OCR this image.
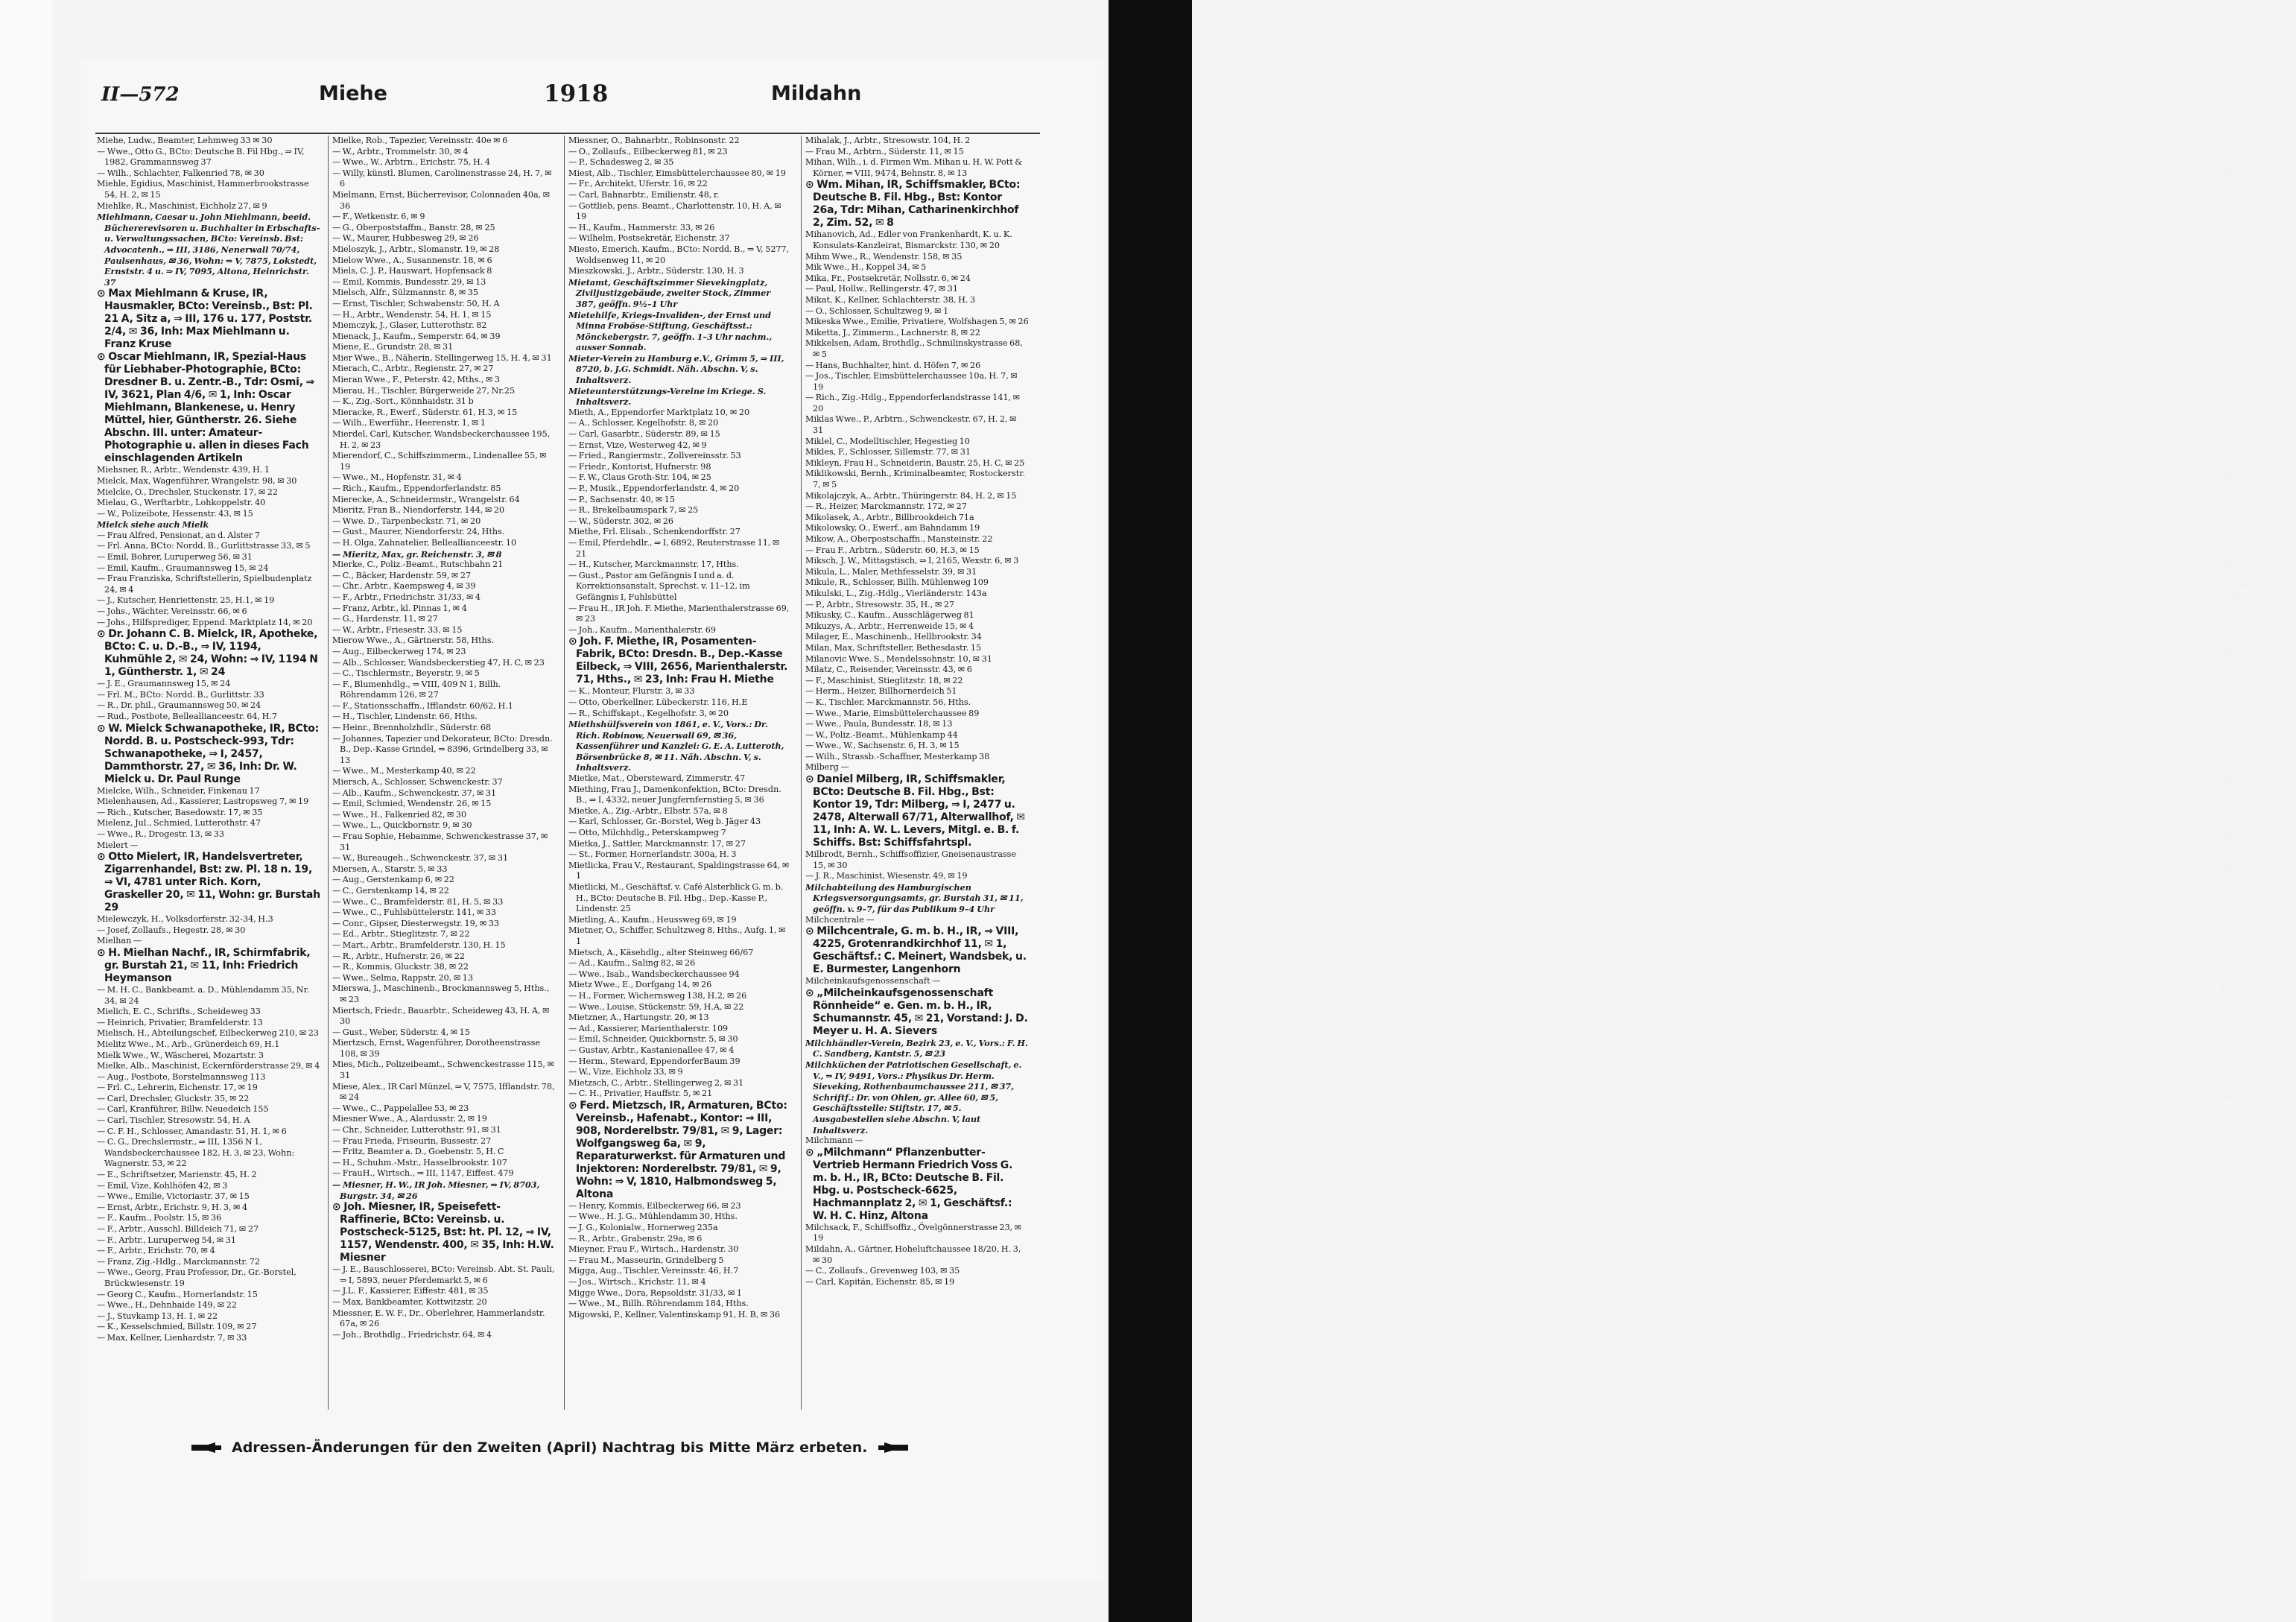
Mildah
— R.,
Milde,C
⊙ C.
BC
Tdr
be
— Em
— Wi
— F.
— Fr.
— G.
— Gu
— Gu
— G.
— Ww
— Ww
— Wi
— Wi
— Ww
— Sc
— Wi
— Ww
⊙ Mi
sie
Milde
Milde
sie
Milde
Milden
Mildner
— F.
— Gu
— Th.
— Th.
— Ww
Mildt
Milefs
Milenz
Miles,
Milews
— H.
— Jo.
— Ww
— Ww
— Ww
Milhan
Milhert
Milich
— Wv
— Ww
— Ww
— Ww
Miljes
— Gü
— Ww
— Ww
Milinsk
Milito
Milito
— Ur
Rat
453
Milit
Ers
VO
Ab
Milit
18
N
Ab
Milit
vo
U
Sch
Milit
ch
K
Hd
19
Bra
Milito
Ju
Ar
bu
Ver
Milit
Rat
Sen
Näh
II—572	Miehe	1918	Mildahn

Miehe, Ludw., Beamter, Lehmweg 33 ✉ 30

— Wwe., Otto G., BCto: Deutsche B. Fil Hbg., ⇒ IV, 1982, Grammannsweg 37

— Wilh., Schlachter, Falkenried 78, ✉ 30

Miehle, Egidius, Maschinist, Hammerbrookstrasse 54, H. 2, ✉ 15

Miehlke, R., Maschinist, Eichholz 27, ✉ 9

Miehlmann, Caesar u. John Miehlmann, beeid. Büchererevisoren u. Buchhalter in Erbschafts- u. Verwaltungssachen, BCto: Vereinsb. Bst: Advocatenh., ⇒ III, 3186, Nenerwall 70/74, Paulsenhaus, ✉ 36, Wohn: ⇒ V, 7875, Lokstedt, Ernststr. 4 u. ⇒ IV, 7095, Altona, Heinrichstr. 37

⊙ Max Miehlmann & Kruse, IR, Hausmakler, BCto: Vereinsb., Bst: Pl. 21 A, Sitz a, ⇒ III, 176 u. 177, Poststr. 2/4, ✉ 36, Inh: Max Miehlmann u. Franz Kruse

⊙ Oscar Miehlmann, IR, Spezial-Haus für Liebhaber-Photographie, BCto: Dresdner B. u. Zentr.-B., Tdr: Osmi, ⇒ IV, 3621, Plan 4/6, ✉ 1, Inh: Oscar Miehlmann, Blankenese, u. Henry Müttel, hier, Güntherstr. 26. Siehe Abschn. III. unter: Amateur-Photographie u. allen in dieses Fach einschlagenden Artikeln

Miehsner, R., Arbtr., Wendenstr. 439, H. 1

Mielck, Max, Wagenführer, Wrangelstr. 98, ✉ 30

Mielcke, O., Drechsler, Stuckenstr. 17, ✉ 22

Mielau, G., Werftarbtr., Lohkoppelstr. 40

— W., Polizeibote, Hessenstr. 43, ✉ 15

Mielck siehe auch Mielk

— Frau Alfred, Pensionat, an d. Alster 7

— Frl. Anna, BCto: Nordd. B., Gurlittstrasse 33, ✉ 5

— Emil, Bohrer, Luruperweg 56, ✉ 31

— Emil, Kaufm., Graumannsweg 15, ✉ 24

— Frau Franziska, Schriftstellerin, Spielbudenplatz 24, ✉ 4

— J., Kutscher, Henriettenstr. 25, H.1, ✉ 19

— Johs., Wächter, Vereinsstr. 66, ✉ 6

— Johs., Hilfsprediger, Eppend. Marktplatz 14, ✉ 20

⊙ Dr. Johann C. B. Mielck, IR, Apotheke, BCto: C. u. D.-B., ⇒ IV, 1194, Kuhmühle 2, ✉ 24, Wohn: ⇒ IV, 1194 N 1, Güntherstr. 1, ✉ 24

— J. E., Graumannsweg 15, ✉ 24

— Frl. M., BCto: Nordd. B., Gurlittstr. 33

— R., Dr. phil., Graumannsweg 50, ✉ 24

— Rud., Postbote, Belleallianceestr. 64, H.7

⊙ W. Mielck Schwanapotheke, IR, BCto: Nordd. B. u. Postscheck-993, Tdr: Schwanapotheke, ⇒ I, 2457, Dammthorstr. 27, ✉ 36, Inh: Dr. W. Mielck u. Dr. Paul Runge

Mielcke, Wilh., Schneider, Finkenau 17

Mielenhausen, Ad., Kassierer, Lastropsweg 7, ✉ 19

— Rich., Kutscher, Basedowstr. 17, ✉ 35

Mielenz, Jul., Schmied, Lutterothstr. 47

— Wwe., R., Drogestr. 13, ✉ 33

Mielert —

⊙ Otto Mielert, IR, Handelsvertreter, Zigarrenhandel, Bst: zw. Pl. 18 n. 19, ⇒ VI, 4781 unter Rich. Korn, Graskeller 20, ✉ 11, Wohn: gr. Burstah 29

Mielewczyk, H., Volksdorferstr. 32-34, H.3

— Josef, Zollaufs., Hegestr. 28, ✉ 30

Mielhan —

⊙ H. Mielhan Nachf., IR, Schirmfabrik, gr. Burstah 21, ✉ 11, Inh: Friedrich Heymanson

— M. H. C., Bankbeamt. a. D., Mühlendamm 35, Nr. 34, ✉ 24

Mielich, E. C., Schrifts., Scheideweg 33

— Heinrich, Privatier, Bramfelderstr. 13

Mielisch, H., Abteilungschef, Eilbeckerweg 210, ✉ 23

Mielitz Wwe., M., Arb., Grünerdeich 69, H.1

Mielk Wwe., W., Wäscherei, Mozartstr. 3

Mielke, Alb., Maschinist, Eckernförderstrasse 29, ✉ 4

— Aug., Postbote, Borstelmannsweg 113

— Frl. C., Lehrerin, Eichenstr. 17, ✉ 19

— Carl, Drechsler, Gluckstr. 35, ✉ 22

— Carl, Kranführer, Billw. Neuedeich 155

— Carl, Tischler, Stresowstr. 54, H. A

— C. F. H., Schlosser, Amandastr. 51, H. 1, ✉ 6

— C. G., Drechslermstr., ⇒ III, 1356 N 1, Wandsbeckerchaussee 182, H. 3, ✉ 23, Wohn: Wagnerstr. 53, ✉ 22

— E., Schriftsetzer, Marienstr. 45, H. 2

— Emil, Vize, Kohlhöfen 42, ✉ 3

— Wwe., Emilie, Victoriastr. 37, ✉ 15

— Ernst, Arbtr., Erichstr. 9, H. 3, ✉ 4

— F., Kaufm., Poolstr. 15, ✉ 36

— F., Arbtr., Ausschl. Billdeich 71, ✉ 27

— F., Arbtr., Luruperweg 54, ✉ 31

— F., Arbtr., Erichstr. 70, ✉ 4

— Franz, Zig.-Hdlg., Marckmannstr. 72

— Wwe., Georg, Frau Professor, Dr., Gr.-Borstel, Brückwiesenstr. 19

— Georg C., Kaufm., Hornerlandstr. 15

— Wwe., H., Dehnhaide 149, ✉ 22

— J., Stuvkamp 13, H. 1, ✉ 22

— K., Kesselschmied, Billstr. 109, ✉ 27

— Max, Kellner, Lienhardstr. 7, ✉ 33

Mielke, Rob., Tapezier, Vereinsstr. 40e ✉ 6

— W., Arbtr., Trommelstr. 30, ✉ 4

— Wwe., W., Arbtrn., Erichstr. 75, H. 4

— Willy, künstl. Blumen, Carolinenstrasse 24, H. 7, ✉ 6

Mielmann, Ernst, Bücherrevisor, Colonnaden 40a, ✉ 36

— F., Wetkenstr. 6, ✉ 9

— G., Oberpoststaffm., Banstr. 28, ✉ 25

— W., Maurer, Hubbesweg 29, ✉ 26

Mieloszyk, J., Arbtr., Slomanstr. 19, ✉ 28

Mielow Wwe., A., Susannenstr. 18, ✉ 6

Miels, C. J. P., Hauswart, Hopfensack 8

— Emil, Kommis, Bundesstr. 29, ✉ 13

Mielsch, Alfr., Sülzmannstr. 8, ✉ 35

— Ernst, Tischler, Schwabenstr. 50, H. A

— H., Arbtr., Wendenstr. 54, H. 1, ✉ 15

Miemczyk, J., Glaser, Lutterothstr. 82

Mienack, J., Kaufm., Semperstr. 64, ✉ 39

Miene, E., Grundstr. 28, ✉ 31

Mier Wwe., B., Näherin, Stellingerweg 15, H. 4, ✉ 31

Mierach, C., Arbtr., Regienstr. 27, ✉ 27

Mieran Wwe., F., Peterstr. 42, Mths., ✉ 3

Mierau, H., Tischler, Bürgerweide 27, Nr.25

— K., Zig.-Sort., Könnhaidstr. 31 b

Mieracke, R., Ewerf., Süderstr. 61, H.3, ✉ 15

— Wilh., Ewerführ., Heerenstr. 1, ✉ 1

Mierdel, Carl, Kutscher, Wandsbeckerchaussee 195, H. 2, ✉ 23

Mierendorf, C., Schiffszimmerm., Lindenallee 55, ✉ 19

— Wwe., M., Hopfenstr. 31, ✉ 4

— Rich., Kaufm., Eppendorferlandstr. 85

Mierecke, A., Schneidermstr., Wrangelstr. 64

Mieritz, Fran B., Niendorferstr. 144, ✉ 20

— Wwe. D., Tarpenbeckstr. 71, ✉ 20

— Gust., Maurer, Niendorferstr. 24, Hths.

— H. Olga, Zahnatelier, Belleallianceestr. 10

— Mieritz, Max, gr. Reichenstr. 3, ✉ 8

Mierke, C., Poliz.-Beamt., Rutschbahn 21

— C., Bäcker, Hardenstr. 59, ✉ 27

— Chr., Arbtr., Kaempsweg 4, ✉ 39

— F., Arbtr., Friedrichstr. 31/33, ✉ 4

— Franz, Arbtr., kl. Pinnas 1, ✉ 4

— G., Hardenstr. 11, ✉ 27

— W., Arbtr., Friesestr. 33, ✉ 15

Mierow Wwe., A., Gärtnerstr. 58, Hths.

— Aug., Eilbeckerweg 174, ✉ 23

— Alb., Schlosser, Wandsbeckerstieg 47, H. C, ✉ 23

— C., Tischlermstr., Beyerstr. 9, ✉ 5

— F., Blumenhdlg., ⇒ VIII, 409 N 1, Billh. Röhrendamm 126, ✉ 27

— F., Stationsschaffn., Ifflandstr. 60/62, H.1

— H., Tischler, Lindenstr. 66, Hths.

— Heinr., Brennholzhdlr., Süderstr. 68

— Johannes, Tapezier und Dekorateur, BCto: Dresdn. B., Dep.-Kasse Grindel, ⇒ 8396, Grindelberg 33, ✉ 13

— Wwe., M., Mesterkamp 40, ✉ 22

Miersch, A., Schlosser, Schwenckestr. 37

— Alb., Kaufm., Schwenckestr. 37, ✉ 31

— Emil, Schmied, Wendenstr. 26, ✉ 15

— Wwe., H., Falkenried 82, ✉ 30

— Wwe., L., Quickbornstr. 9, ✉ 30

— Frau Sophie, Hebamme, Schwenckestrasse 37, ✉ 31

— W., Bureaugeh., Schwenckestr. 37, ✉ 31

Miersen, A., Starstr. 5, ✉ 33

— Aug., Gerstenkamp 6, ✉ 22

— C., Gerstenkamp 14, ✉ 22

— Wwe., C., Bramfelderstr. 81, H. 5, ✉ 33

— Wwe., C., Fuhlsbüttelerstr. 141, ✉ 33

— Conr., Gipser, Diesterwegstr. 19, ✉ 33

— Ed., Arbtr., Stieglitzstr. 7, ✉ 22

— Mart., Arbtr., Bramfelderstr. 130, H. 15

— R., Arbtr., Hufnerstr. 26, ✉ 22

— R., Kommis, Gluckstr. 38, ✉ 22

— Wwe., Selma, Rappstr. 20, ✉ 13

Mierswa, J., Maschinenb., Brockmannsweg 5, Hths., ✉ 23

Miertsch, Friedr., Bauarbtr., Scheideweg 43, H. A, ✉ 30

— Gust., Weber, Süderstr. 4, ✉ 15

Miertzsch, Ernst, Wagenführer, Dorotheenstrasse 108, ✉ 39

Mies, Mich., Polizeibeamt., Schwenckestrasse 115, ✉ 31

Miese, Alex., IR Carl Münzel, ⇒ V, 7575, Ifflandstr. 78, ✉ 24

— Wwe., C., Pappelallee 53, ✉ 23

Miesner Wwe., A., Alardusstr. 2, ✉ 19

— Chr., Schneider, Lutterothstr. 91, ✉ 31

— Frau Frieda, Friseurin, Bussestr. 27

— Fritz, Beamter a. D., Goebenstr. 5, H. C

— H., Schuhm.-Mstr., Hasselbrookstr. 107

— FrauH., Wirtsch., ⇒ III, 1147, Eiffest. 479

— Miesner, H. W., IR Joh. Miesner, ⇒ IV, 8703, Burgstr. 34, ✉ 26

⊙ Joh. Miesner, IR, Speisefett-Raffinerie, BCto: Vereinsb. u. Postscheck-5125, Bst: ht. Pl. 12, ⇒ IV, 1157, Wendenstr. 400, ✉ 35, Inh: H.W. Miesner

— J. E., Bauschlosserei, BCto: Vereinsb. Abt. St. Pauli, ⇒ I, 5893, neuer Pferdemarkt 5, ✉ 6

— J.L. F., Kassierer, Eiffestr. 481, ✉ 35

— Max, Bankbeamter, Kottwitzstr. 20

Miessner, E. W. F., Dr., Oberlehrer, Hammerlandstr. 67a, ✉ 26

— Joh., Brothdlg., Friedrichstr. 64, ✉ 4

Miessner, O., Bahnarbtr., Robinsonstr. 22

— O., Zollaufs., Eilbeckerweg 81, ✉ 23

— P., Schadesweg 2, ✉ 35

Miest, Alb., Tischler, Eimsbüttelerchaussee 80, ✉ 19

— Fr., Architekt, Uferstr. 16, ✉ 22

— Carl, Bahnarbtr., Emilienstr. 48, r.

— Gottlieb, pens. Beamt., Charlottenstr. 10, H. A, ✉ 19

— H., Kaufm., Hammerstr. 33, ✉ 26

— Wilhelm, Postsekretär, Eichenstr. 37

Miesto, Emerich, Kaufm., BCto: Nordd. B., ⇒ V, 5277, Woldsenweg 11, ✉ 20

Mieszkowski, J., Arbtr., Süderstr. 130, H. 3

Mietamt, Geschäftszimmer Sievekingplatz, Ziviljustizgebäude, zweiter Stock, Zimmer 387, geöffn. 9½–1 Uhr

Mietehilfe, Kriegs-Invaliden-, der Ernst und Minna Froböse-Stiftung, Geschäftsst.: Mönckebergstr. 7, geöffn. 1–3 Uhr nachm., ausser Sonnab.

Mieter-Verein zu Hamburg e.V., Grimm 5, ⇒ III, 8720, b. J.G. Schmidt. Näh. Abschn. V, s. Inhaltsverz.

Mieteunterstützungs-Vereine im Kriege. S. Inhaltsverz.

Mieth, A., Eppendorfer Marktplatz 10, ✉ 20

— A., Schlosser, Kegelhofstr. 8, ✉ 20

— Carl, Gasarbtr., Süderstr. 89, ✉ 15

— Ernst, Vize, Westerweg 42, ✉ 9

— Fried., Rangiermstr., Zollvereinsstr. 53

— Friedr., Kontorist, Hufnerstr. 98

— F. W., Claus Groth-Str. 104, ✉ 25

— P., Musik., Eppendorferlandstr. 4, ✉ 20

— P., Sachsenstr. 40, ✉ 15

— R., Brekelbaumspark 7, ✉ 25

— W., Süderstr. 302, ✉ 26

Miethe, Frl. Elisab., Schenkendorffstr. 27

— Emil, Pferdehdlr., ⇒ I, 6892, Reuterstrasse 11, ✉ 21

— H., Kutscher, Marckmannstr. 17, Hths.

— Gust., Pastor am Gefängnis I und a. d. Korrektionsanstalt, Sprechst. v. 11–12, im Gefängnis I, Fuhlsbüttel

— Frau H., IR Joh. F. Miethe, Marienthalerstrasse 69, ✉ 23

— Joh., Kaufm., Marienthalerstr. 69

⊙ Joh. F. Miethe, IR, Posamenten-Fabrik, BCto: Dresdn. B., Dep.-Kasse Eilbeck, ⇒ VIII, 2656, Marienthalerstr. 71, Hths., ✉ 23, Inh: Frau H. Miethe

— K., Monteur, Flurstr. 3, ✉ 33

— Otto, Oberkellner, Lübeckerstr. 116, H.E

— R., Schiffskapt., Kegelhofstr. 3, ✉ 20

Miethshülfsverein von 1861, e. V., Vors.: Dr. Rich. Robinow, Neuerwall 69, ✉ 36, Kassenführer und Kanzlei: G. E. A. Lutteroth, Börsenbrücke 8, ✉ 11. Näh. Abschn. V, s. Inhaltsverz.

Mietke, Mat., Obersteward, Zimmerstr. 47

Miething, Frau J., Damenkonfektion, BCto: Dresdn. B., ⇒ I, 4332, neuer Jungfernfernstieg 5, ✉ 36

Mietke, A., Zig.-Arbtr., Elbstr. 57a, ✉ 8

— Karl, Schlosser, Gr.-Borstel, Weg b. Jäger 43

— Otto, Milchhdlg., Peterskampweg 7

Mietka, J., Sattler, Marckmannstr. 17, ✉ 27

— St., Former, Hornerlandstr. 300a, H. 3

Mietlicka, Frau V., Restaurant, Spaldingstrasse 64, ✉ 1

Mietlicki, M., Geschäftsf. v. Café Alsterblick G. m. b. H., BCto: Deutsche B. Fil. Hbg., Dep.-Kasse P., Lindenstr. 25

Mietling, A., Kaufm., Heussweg 69, ✉ 19

Mietner, O., Schiffer, Schultzweg 8, Hths., Aufg. 1, ✉ 1

Mietsch, A., Käsehdlg., alter Steinweg 66/67

— Ad., Kaufm., Saling 82, ✉ 26

— Wwe., Isab., Wandsbeckerchaussee 94

Mietz Wwe., E., Dorfgang 14, ✉ 26

— H., Former, Wichernsweg 138, H.2, ✉ 26

— Wwe., Louise, Stückenstr. 59, H.A, ✉ 22

Mietzner, A., Hartungstr. 20, ✉ 13

— Ad., Kassierer, Marienthalerstr. 109

— Emil, Schneider, Quickbornstr. 5, ✉ 30

— Gustav, Arbtr., Kastanienallee 47, ✉ 4

— Herm., Steward, EppendorferBaum 39

— W., Vize, Eichholz 33, ✉ 9

Mietzsch, C., Arbtr., Stellingerweg 2, ✉ 31

— C. H., Privatier, Hauffstr. 5, ✉ 21

⊙ Ferd. Mietzsch, IR, Armaturen, BCto: Vereinsb., Hafenabt., Kontor: ⇒ III, 908, Norderelbstr. 79/81, ✉ 9, Lager: Wolfgangsweg 6a, ✉ 9, Reparaturwerkst. für Armaturen und Injektoren: Norderelbstr. 79/81, ✉ 9, Wohn: ⇒ V, 1810, Halbmondsweg 5, Altona

— Henry, Kommis, Eilbeckerweg 66, ✉ 23

— Wwe., H. J. G., Mühlendamm 30, Hths.

— J. G., Kolonialw., Hornerweg 235a

— R., Arbtr., Grabenstr. 29a, ✉ 6

Mieyner, Frau F., Wirtsch., Hardenstr. 30

— Frau M., Masseurin, Grindelberg 5

Migga, Aug., Tischler, Vereinsstr. 46, H.7

— Jos., Wirtsch., Krichstr. 11, ✉ 4

Migge Wwe., Dora, Repsoldstr. 31/33, ✉ 1

— Wwe., M., Billh. Röhrendamm 184, Hths.

Migowski, P., Kellner, Valentinskamp 91, H. B, ✉ 36

Mihalak, J., Arbtr., Stresowstr. 104, H. 2

— Frau M., Arbtrn., Süderstr. 11, ✉ 15

Mihan, Wilh., i. d. Firmen Wm. Mihan u. H. W. Pott & Körner, ⇒ VIII, 9474, Behnstr. 8, ✉ 13

⊙ Wm. Mihan, IR, Schiffsmakler, BCto: Deutsche B. Fil. Hbg., Bst: Kontor 26a, Tdr: Mihan, Catharinenkirchhof 2, Zim. 52, ✉ 8

Mihanovich, Ad., Edler von Frankenhardt, K. u. K. Konsulats-Kanzleirat, Bismarckstr. 130, ✉ 20

Mihm Wwe., R., Wendenstr. 158, ✉ 35

Mik Wwe., H., Koppel 34, ✉ 5

Mika, Fr., Postsekretär, Nollsstr. 6, ✉ 24

— Paul, Hollw., Rellingerstr. 47, ✉ 31

Mikat, K., Kellner, Schlachterstr. 38, H. 3

— O., Schlosser, Schultzweg 9, ✉ 1

Mikeska Wwe., Emilie, Privatiere, Wolfshagen 5, ✉ 26

Miketta, J., Zimmerm., Lachnerstr. 8, ✉ 22

Mikkelsen, Adam, Brothdlg., Schmilinskystrasse 68, ✉ 5

— Hans, Buchhalter, hint. d. Höfen 7, ✉ 26

— Jos., Tischler, Eimsbüttelerchaussee 10a, H. 7, ✉ 19

— Rich., Zig.-Hdlg., Eppendorferlandstrasse 141, ✉ 20

Miklas Wwe., P., Arbtrn., Schwenckestr. 67, H. 2, ✉ 31

Miklel, C., Modelltischler, Hegestieg 10

Mikles, F., Schlosser, Sillemstr. 77, ✉ 31

Mikleyn, Frau H., Schneiderin, Baustr. 25, H. C, ✉ 25

Miklikowski, Bernh., Kriminalbeamter, Rostockerstr. 7, ✉ 5

Mikolajczyk, A., Arbtr., Thüringerstr. 84, H. 2, ✉ 15

— R., Heizer, Marckmannstr. 172, ✉ 27

Mikolasek, A., Arbtr., Billbrookdeich 71a

Mikolowsky, O., Ewerf., am Bahndamm 19

Mikow, A., Oberpostschaffn., Mansteinstr. 22

— Frau F., Arbtrn., Süderstr. 60, H.3, ✉ 15

Miksch, J. W., Mittagstisch, ⇒ I, 2165, Wexstr. 6, ✉ 3

Mikula, L., Maler, Methfesselstr. 39, ✉ 31

Mikule, R., Schlosser, Billh. Mühlenweg 109

Mikulski, L., Zig.-Hdlg., Vierländerstr. 143a

— P., Arbtr., Stresowstr. 35, H., ✉ 27

Mikusky, C., Kaufm., Ausschlägerweg 81

Mikuzys, A., Arbtr., Herrenweide 15, ✉ 4

Milager, E., Maschinenb., Hellbrookstr. 34

Milan, Max, Schriftsteller, Bethesdastr. 15

Milanovic Wwe. S., Mendelssohnstr. 10, ✉ 31

Milatz, C., Reisender, Vereinsstr. 43, ✉ 6

— F., Maschinist, Stieglitzstr. 18, ✉ 22

— Herm., Heizer, Billhornerdeich 51

— K., Tischler, Marckmannstr. 56, Hths.

— Wwe., Marie, Eimsbüttelerchaussee 89

— Wwe., Paula, Bundesstr. 18, ✉ 13

— W., Poliz.-Beamt., Mühlenkamp 44

— Wwe., W., Sachsenstr. 6, H. 3, ✉ 15

— Wilh., Strassb.-Schaffner, Mesterkamp 38

Milberg —

⊙ Daniel Milberg, IR, Schiffsmakler, BCto: Deutsche B. Fil. Hbg., Bst: Kontor 19, Tdr: Milberg, ⇒ I, 2477 u. 2478, Alterwall 67/71, Alterwallhof, ✉ 11, Inh: A. W. L. Levers, Mitgl. e. B. f. Schiffs. Bst: Schiffsfahrtspl.

Milbrodt, Bernh., Schiffsoffizier, Gneisenaustrasse 15, ✉ 30

— J. R., Maschinist, Wiesenstr. 49, ✉ 19

Milchabteilung des Hamburgischen Kriegsversorgungsamts, gr. Burstah 31, ✉ 11, geöffn. v. 9–7, für das Publikum 9–4 Uhr

Milchcentrale —

⊙ Milchcentrale, G. m. b. H., IR, ⇒ VIII, 4225, Grotenrandkirchhof 11, ✉ 1, Geschäftsf.: C. Meinert, Wandsbek, u. E. Burmester, Langenhorn

Milcheinkaufsgenossenschaft —

⊙ „Milcheinkaufsgenossenschaft Rönnheide“ e. Gen. m. b. H., IR, Schumannstr. 45, ✉ 21, Vorstand: J. D. Meyer u. H. A. Sievers

Milchhändler-Verein, Bezirk 23, e. V., Vors.: F. H. C. Sandberg, Kantstr. 5, ✉ 23

Milchküchen der Patriotischen Gesellschaft, e. V., ⇒ IV, 9491, Vors.: Physikus Dr. Herm. Sieveking, Rothenbaumchaussee 211, ✉ 37, Schriftf.: Dr. von Ohlen, gr. Allee 60, ✉ 5, Geschäftsstelle: Stiftstr. 17, ✉ 5. Ausgabestellen siehe Abschn. V, laut Inhaltsverz.

Milchmann —

⊙ „Milchmann“ Pflanzenbutter-Vertrieb Hermann Friedrich Voss G. m. b. H., IR, BCto: Deutsche B. Fil. Hbg. u. Postscheck-6625, Hachmannplatz 2, ✉ 1, Geschäftsf.: W. H. C. Hinz, Altona

Milchsack, F., Schiffsoffiz., Övelgönnerstrasse 23, ✉ 19

Mildahn, A., Gärtner, Hoheluftchaussee 18/20, H. 3, ✉ 30

— C., Zollaufs., Grevenweg 103, ✉ 35

— Carl, Kapitän, Eichenstr. 85, ✉ 19

Adressen-Änderungen für den Zweiten (April) Nachtrag bis Mitte März erbeten.
